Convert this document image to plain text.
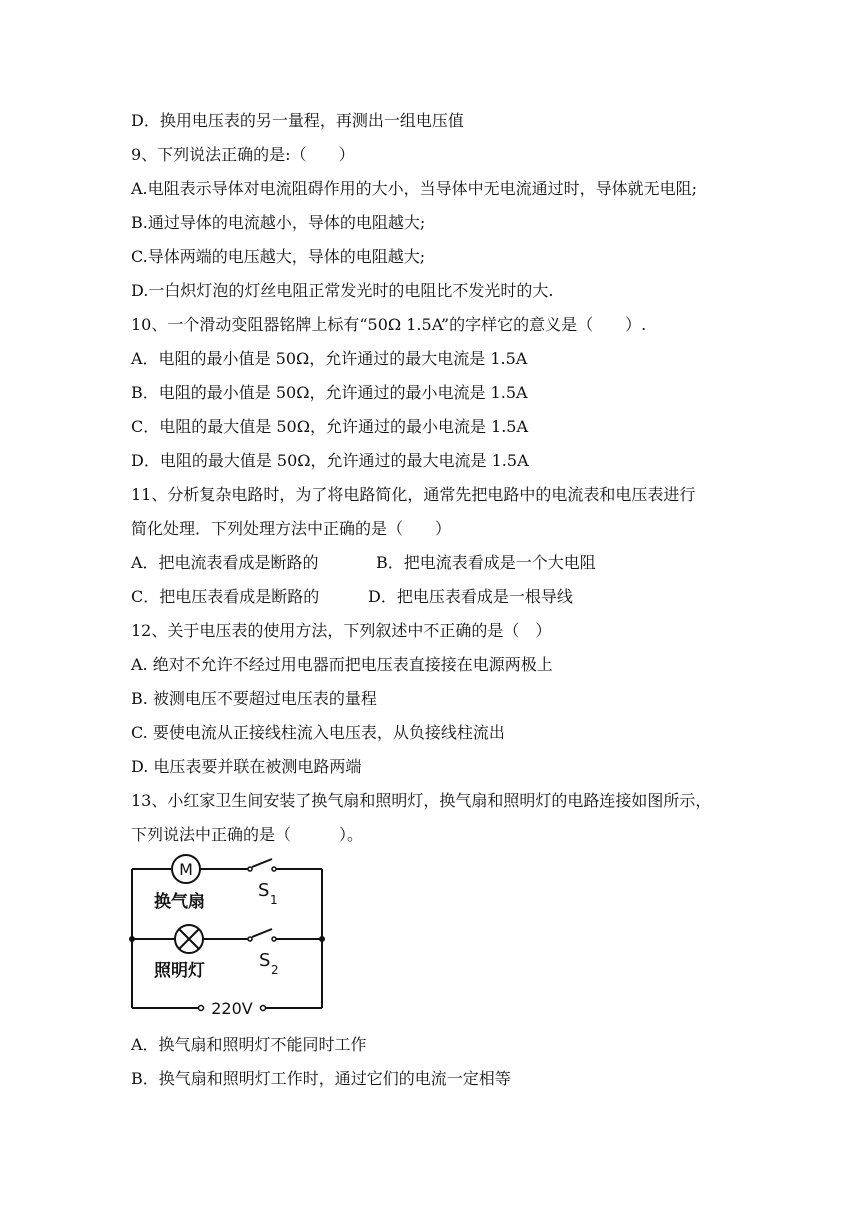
D．换用电压表的另一量程，再测出一组电压值
9、下列说法正确的是:（　　）
A.电阻表示导体对电流阻碍作用的大小，当导体中无电流通过时，导体就无电阻;
B.通过导体的电流越小，导体的电阻越大;
C.导体两端的电压越大，导体的电阻越大;
D.一白炽灯泡的灯丝电阻正常发光时的电阻比不发光时的大.
10、一个滑动变阻器铭牌上标有“50Ω 1.5A”的字样它的意义是（　　）.
A．电阻的最小值是 50Ω，允许通过的最大电流是 1.5A
B．电阻的最小值是 50Ω，允许通过的最小电流是 1.5A
C．电阻的最大值是 50Ω，允许通过的最小电流是 1.5A
D．电阻的最大值是 50Ω，允许通过的最大电流是 1.5A
11、分析复杂电路时，为了将电路简化，通常先把电路中的电流表和电压表进行
简化处理．下列处理方法中正确的是（　　）
A．把电流表看成是断路的	B．把电流表看成是一个大电阻
C．把电压表看成是断路的	D．把电压表看成是一根导线
12、关于电压表的使用方法，下列叙述中不正确的是（　）
A. 绝对不允许不经过用电器而把电压表直接接在电源两极上
B. 被测电压不要超过电压表的量程
C. 要使电流从正接线柱流入电压表，从负接线柱流出
D. 电压表要并联在被测电路两端
13、小红家卫生间安装了换气扇和照明灯，换气扇和照明灯的电路连接如图所示，
下列说法中正确的是（　　　）。
M
换气扇
照明灯
S 1
S 2
220V
A．换气扇和照明灯不能同时工作
B．换气扇和照明灯工作时，通过它们的电流一定相等
